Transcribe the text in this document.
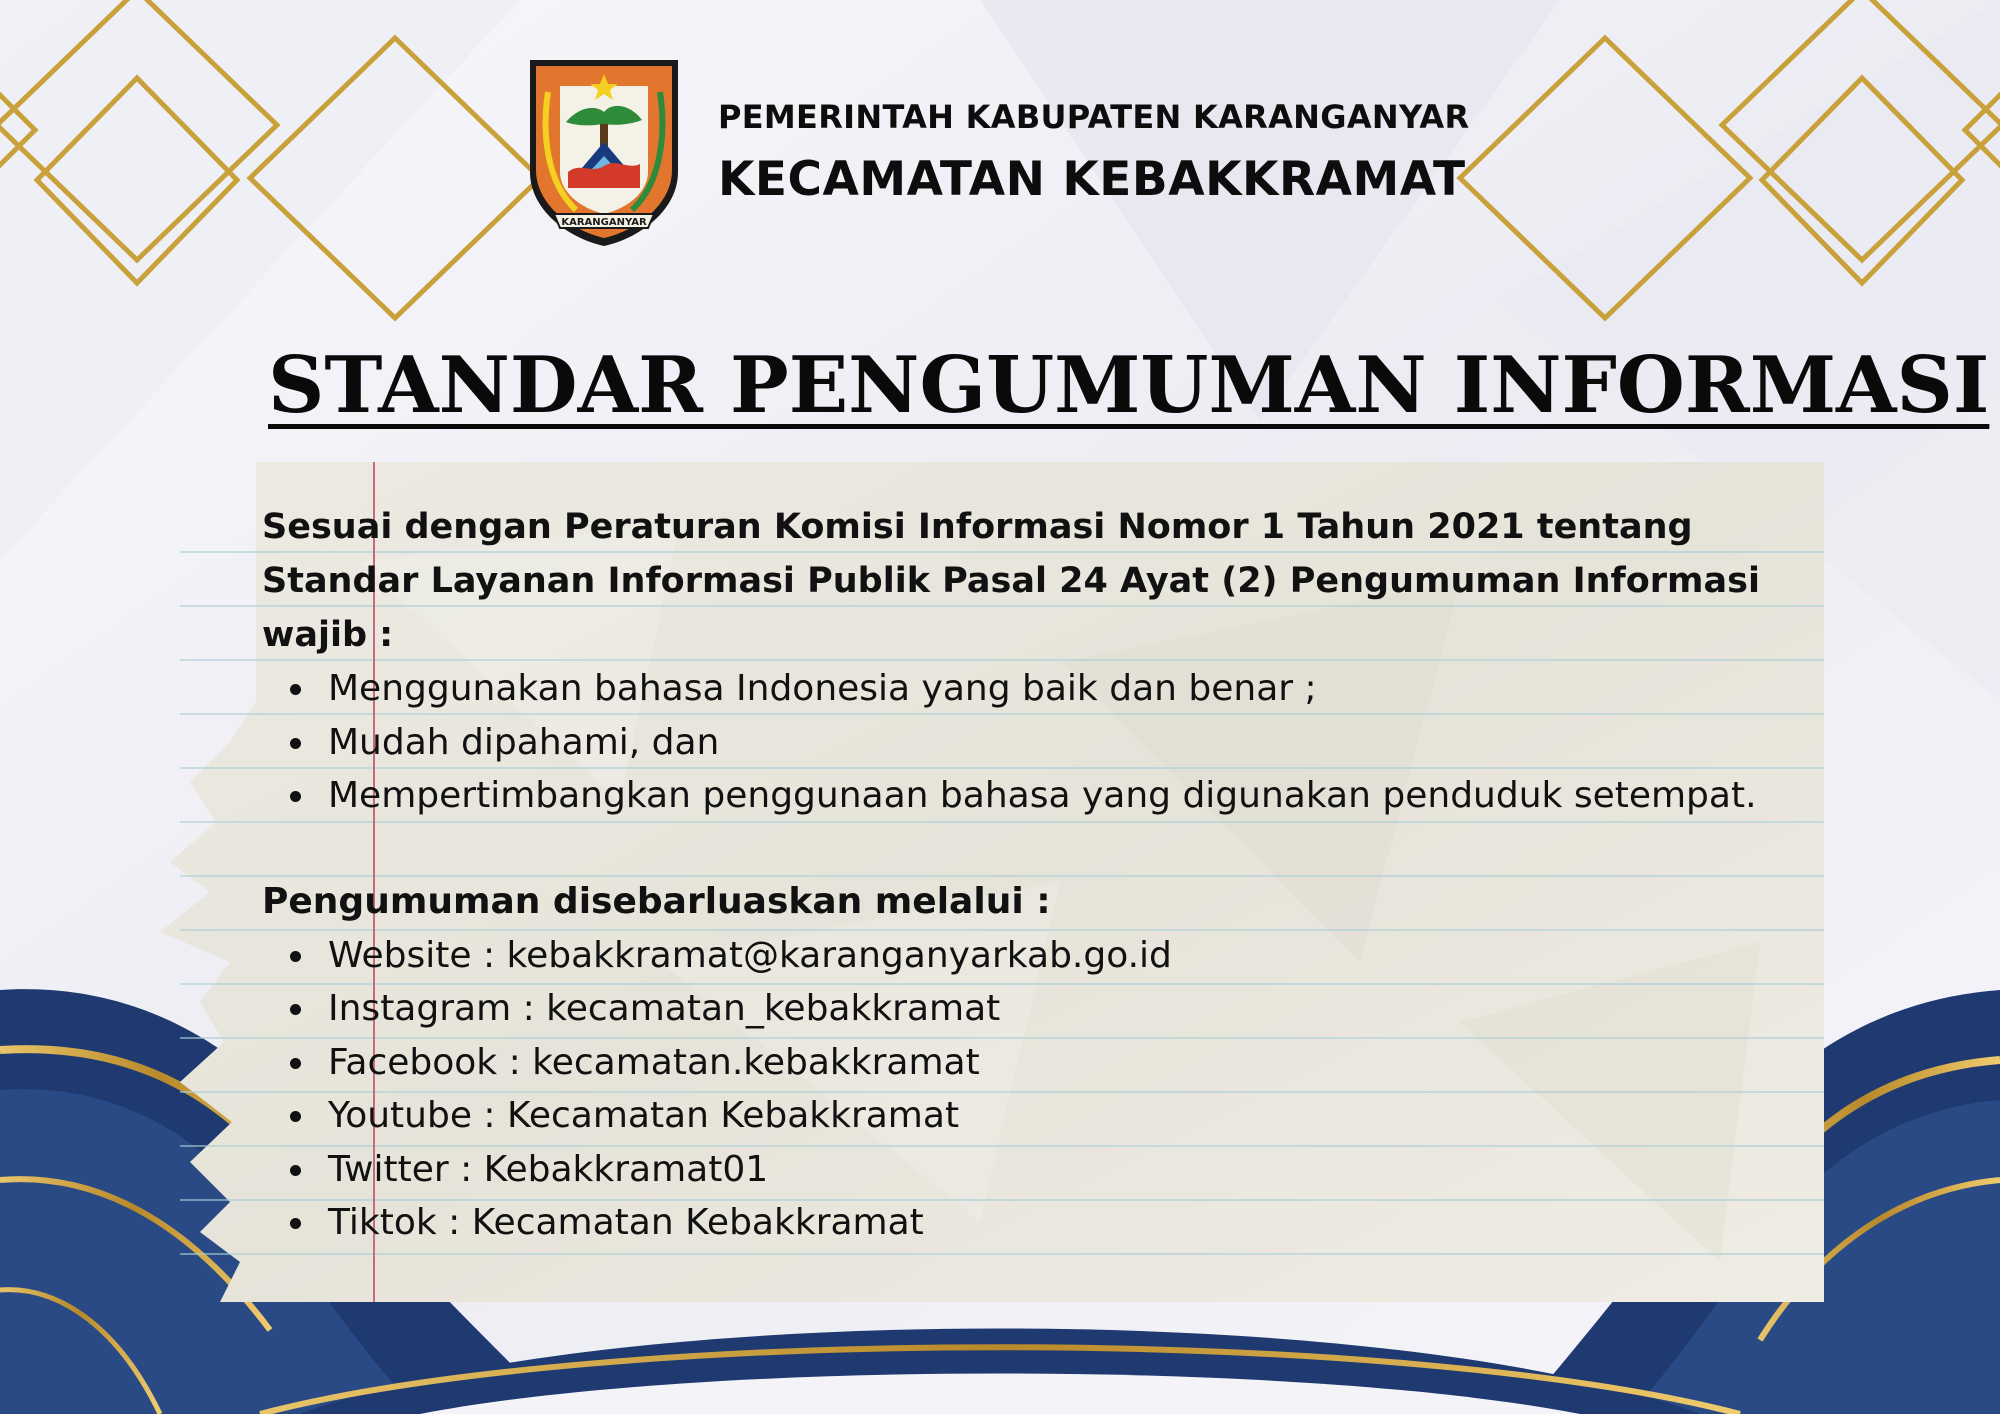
KARANGANYAR
PEMERINTAH KABUPATEN KARANGANYAR
KECAMATAN KEBAKKRAMAT
STANDAR PENGUMUMAN INFORMASI

Sesuai dengan Peraturan Komisi Informasi Nomor 1 Tahun 2021 tentang Standar Layanan Informasi Publik Pasal 24 Ayat (2) Pengumuman Informasi wajib :

Menggunakan bahasa Indonesia yang baik dan benar ;
Mudah dipahami, dan
Mempertimbangkan penggunaan bahasa yang digunakan penduduk setempat.

Pengumuman disebarluaskan melalui :

Website : kebakkramat@karanganyarkab.go.id
Instagram : kecamatan_kebakkramat
Facebook : kecamatan.kebakkramat
Youtube : Kecamatan Kebakkramat
Twitter : Kebakkramat01
Tiktok : Kecamatan Kebakkramat
